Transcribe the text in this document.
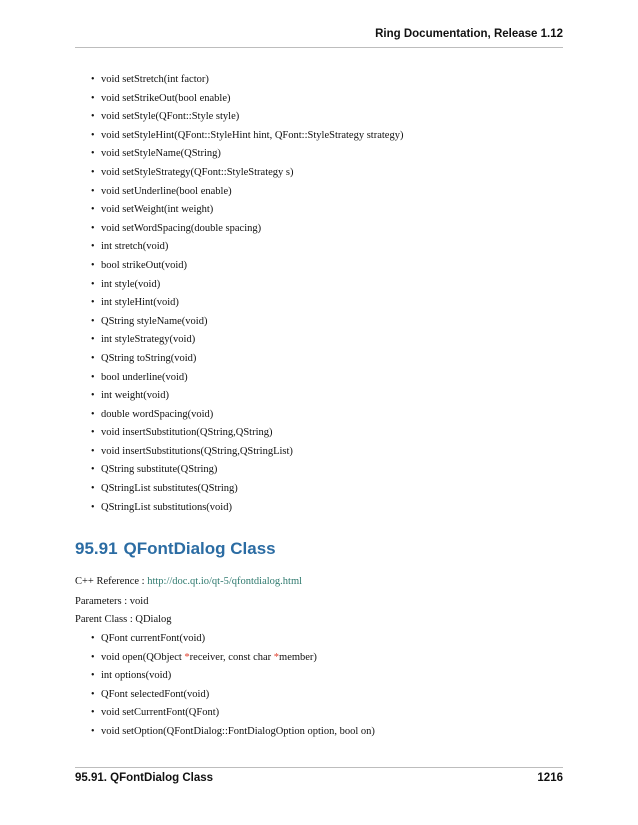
Ring Documentation, Release 1.12
• void setStretch(int factor)
• void setStrikeOut(bool enable)
• void setStyle(QFont::Style style)
• void setStyleHint(QFont::StyleHint hint, QFont::StyleStrategy strategy)
• void setStyleName(QString)
• void setStyleStrategy(QFont::StyleStrategy s)
• void setUnderline(bool enable)
• void setWeight(int weight)
• void setWordSpacing(double spacing)
• int stretch(void)
• bool strikeOut(void)
• int style(void)
• int styleHint(void)
• QString styleName(void)
• int styleStrategy(void)
• QString toString(void)
• bool underline(void)
• int weight(void)
• double wordSpacing(void)
• void insertSubstitution(QString,QString)
• void insertSubstitutions(QString,QStringList)
• QString substitute(QString)
• QStringList substitutes(QString)
• QStringList substitutions(void)
95.91 QFontDialog Class
C++ Reference : http://doc.qt.io/qt-5/qfontdialog.html
Parameters : void
Parent Class : QDialog
• QFont currentFont(void)
• void open(QObject *receiver, const char *member)
• int options(void)
• QFont selectedFont(void)
• void setCurrentFont(QFont)
• void setOption(QFontDialog::FontDialogOption option, bool on)
95.91. QFontDialog Class	1216
